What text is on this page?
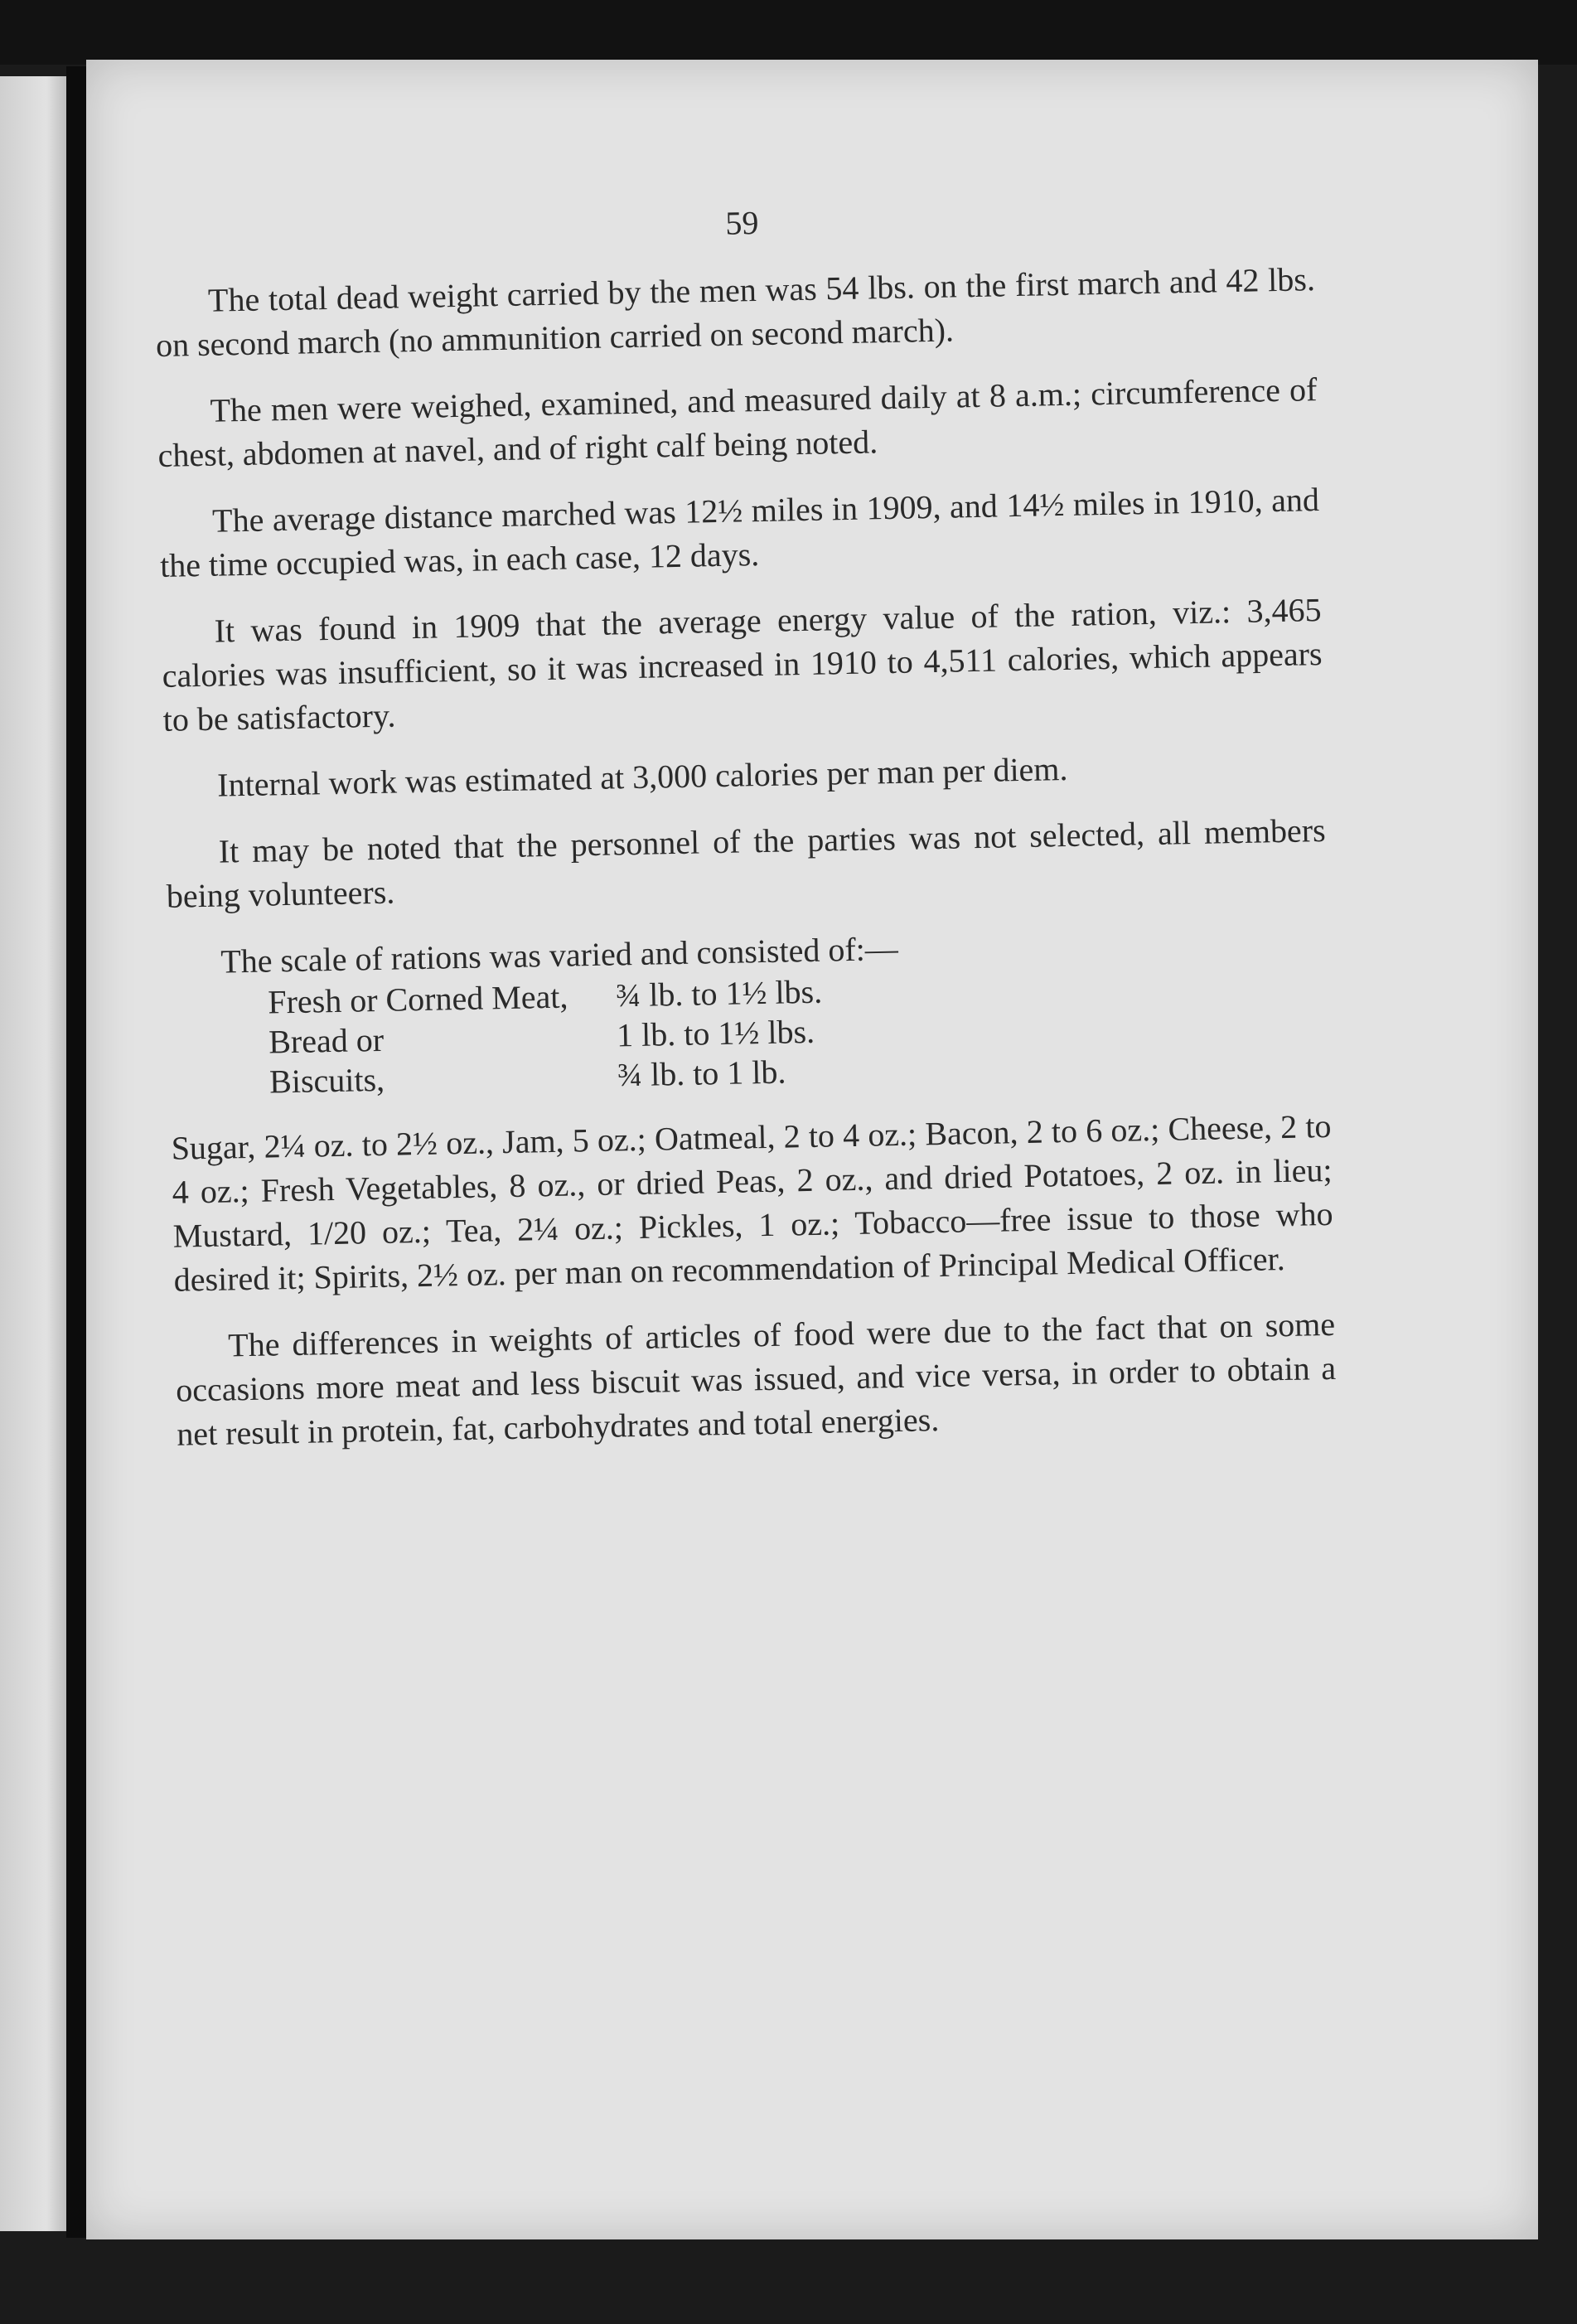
59

The total dead weight carried by the men was 54 lbs. on the first march and 42 lbs. on second march (no ammunition carried on second march).

The men were weighed, examined, and measured daily at 8 a.m.; circumference of chest, abdomen at navel, and of right calf being noted.

The average distance marched was 12½ miles in 1909, and 14½ miles in 1910, and the time occupied was, in each case, 12 days.

It was found in 1909 that the average energy value of the ration, viz.: 3,465 calories was insufficient, so it was increased in 1910 to 4,511 calories, which appears to be satisfactory.

Internal work was estimated at 3,000 calories per man per diem.

It may be noted that the personnel of the parties was not selected, all members being volunteers.

The scale of rations was varied and consisted of:—
Fresh or Corned Meat,	¾ lb. to 1½ lbs.
Bread or	1 lb. to 1½ lbs.
Biscuits,	¾ lb. to 1 lb.

Sugar, 2¼ oz. to 2½ oz., Jam, 5 oz.; Oatmeal, 2 to 4 oz.; Bacon, 2 to 6 oz.; Cheese, 2 to 4 oz.; Fresh Vegetables, 8 oz., or dried Peas, 2 oz., and dried Potatoes, 2 oz. in lieu; Mustard, 1/20 oz.; Tea, 2¼ oz.; Pickles, 1 oz.; Tobacco—free issue to those who desired it; Spirits, 2½ oz. per man on recommendation of Principal Medical Officer.

The differences in weights of articles of food were due to the fact that on some occasions more meat and less biscuit was issued, and vice versa, in order to obtain a net result in protein, fat, carbohydrates and total energies.
